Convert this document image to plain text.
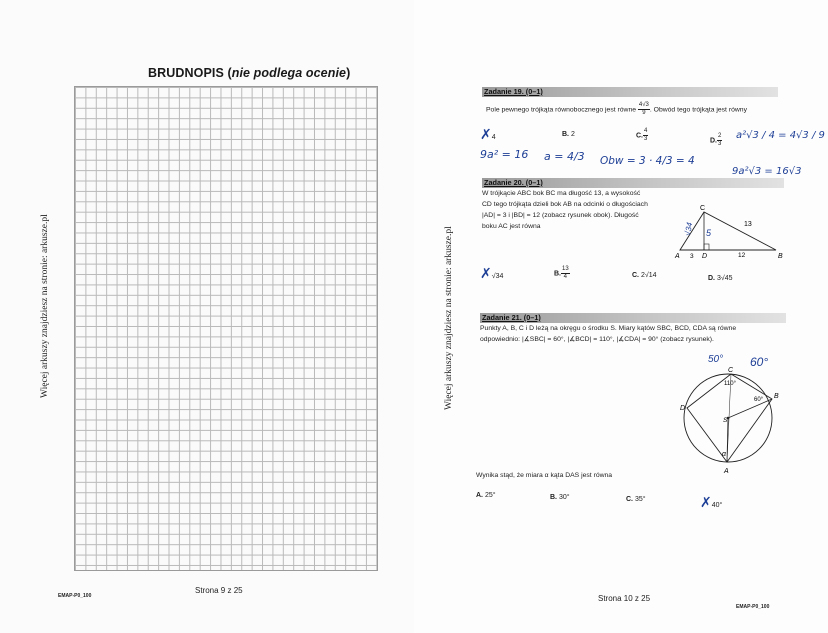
BRUDNOPIS (nie podlega ocenie)
Więcej arkuszy znajdziesz na stronie: arkusze.pl
EMAP-P0_100
Strona 9 z 25
Więcej arkuszy znajdziesz na stronie: arkusze.pl
Zadanie 19. (0–1)
Pole pewnego trójkąta równobocznego jest równe $\frac{4√3}{9}$ . Obwód tego trójkąta jest równy
✗4	B. 2	C. $\frac{4}{3}$	D. $\frac{2}{3}$
9a² = 16 a = 4/3 Obw = 3 · 4/3 = 4
a²√3 / 4 = 4√3 / 9
9a²√3 = 16√3
Zadanie 20. (0–1)
W trójkącie ABC bok BC ma długość 13, a wysokość
CD tego trójkąta dzieli bok AB na odcinki o długościach
|AD| = 3 i |BD| = 12 (zobacz rysunek obok). Długość
boku AC jest równa
C
A	D	B
13
3	12
5
√34
✗√34	B. $\frac{13}{4}$	C. 2√14	D. 3√45
Zadanie 21. (0–1)
Punkty A, B, C i D leżą na okręgu o środku S. Miary kątów SBC, BCD, CDA są równe
odpowiednio: |∡SBC| = 60°, |∡BCD| = 110°, |∡CDA| = 90° (zobacz rysunek).
C
B
D
A
S
α
110°
60°
50° 60°
Wynika stąd, że miara α kąta DAS jest równa
A. 25°	B. 30°	C. 35°	✗40°
Strona 10 z 25
EMAP-P0_100
